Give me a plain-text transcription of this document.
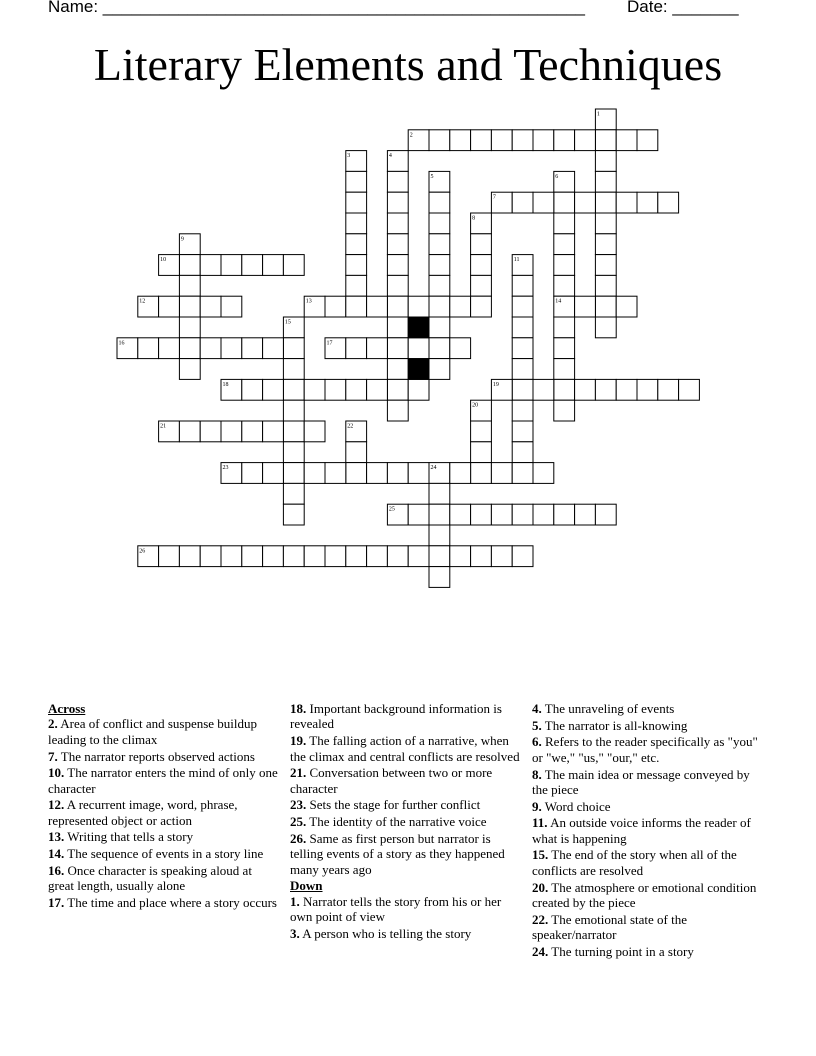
Name: ___________________________________________________ Date: _______
Literary Elements and Techniques
1
2
3	4
5	6
7
8
9
10	11
12	13	14
15
16	17
18	19
20
21	22
23	24
25
26
Across
2. Area of conflict and suspense buildup leading to the climax
7. The narrator reports observed actions
10. The narrator enters the mind of only one character
12. A recurrent image, word, phrase, represented object or action
13. Writing that tells a story
14. The sequence of events in a story line
16. Once character is speaking aloud at great length, usually alone
17. The time and place where a story occurs
18. Important background information is revealed
19. The falling action of a narrative, when the climax and central conflicts are resolved
21. Conversation between two or more character
23. Sets the stage for further conflict
25. The identity of the narrative voice
26. Same as first person but narrator is telling events of a story as they happened many years ago
Down
1. Narrator tells the story from his or her own point of view
3. A person who is telling the story
4. The unraveling of events
5. The narrator is all-knowing
6. Refers to the reader specifically as "you" or "we," "us," "our," etc.
8. The main idea or message conveyed by the piece
9. Word choice
11. An outside voice informs the reader of what is happening
15. The end of the story when all of the conflicts are resolved
20. The atmosphere or emotional condition created by the piece
22. The emotional state of the speaker/narrator
24. The turning point in a story
